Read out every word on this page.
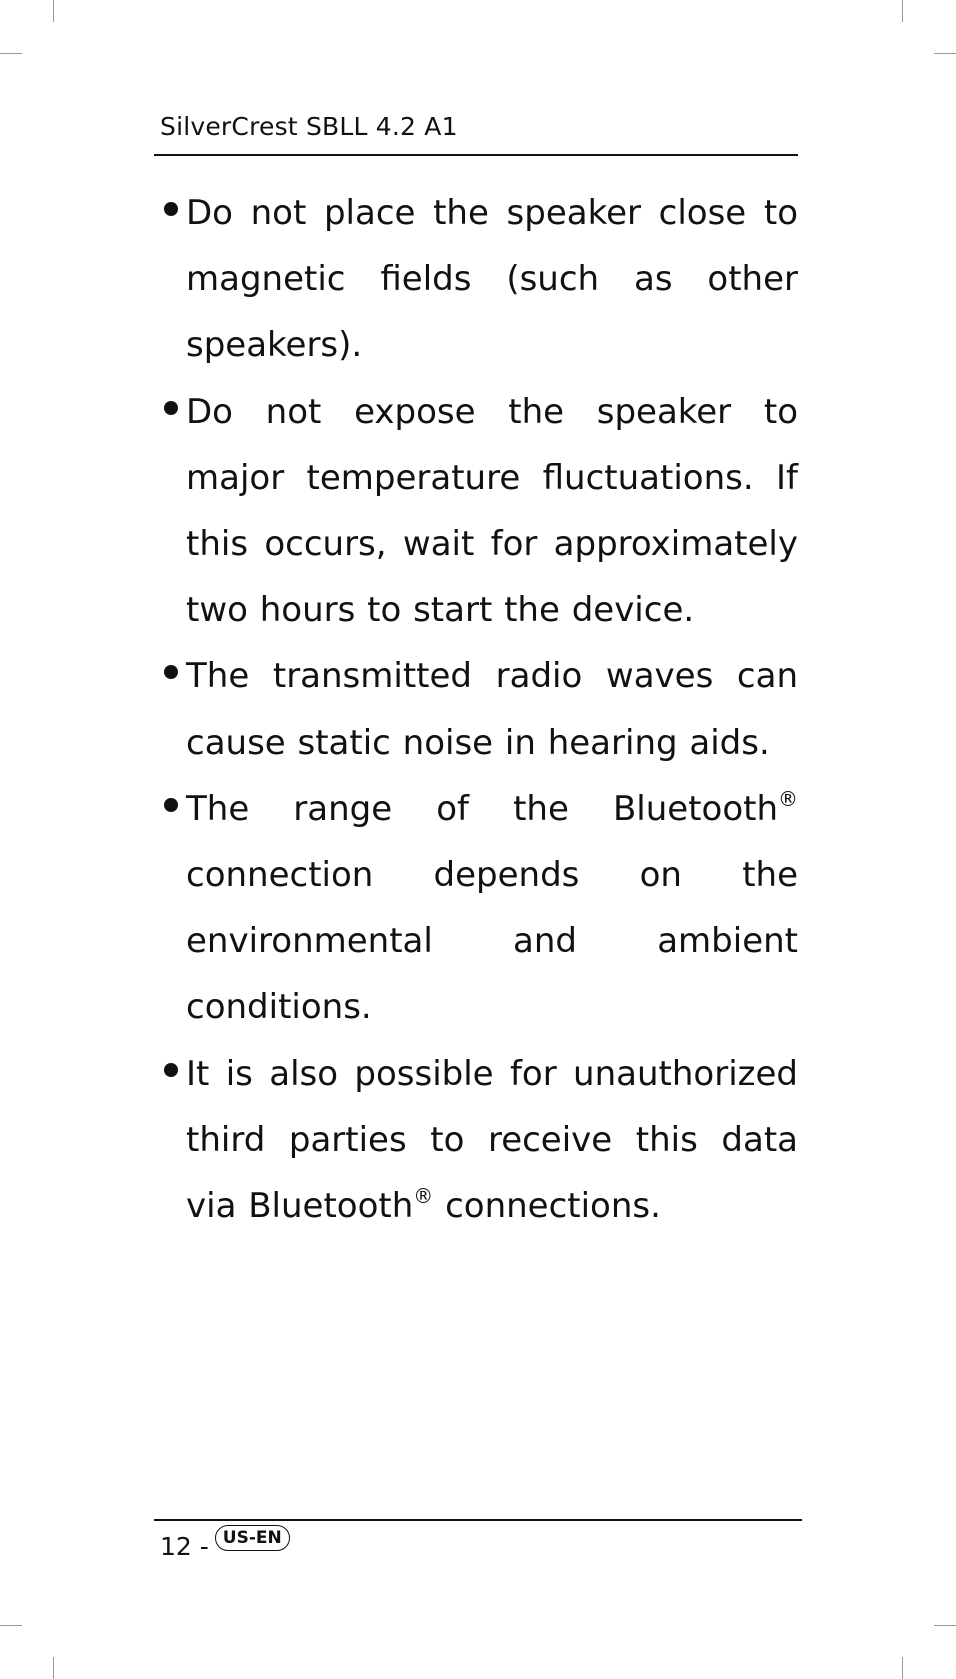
SilverCrest SBLL 4.2 A1
Do not place the speaker close to magnetic fields (such as other speakers).
Do not expose the speaker to major temperature fluctuations. If this occurs, wait for approximately two hours to start the device.
The transmitted radio waves can cause static noise in hearing aids.
The range of the Bluetooth® connection depends on the environmental and ambient conditions.
It is also possible for unauthorized third parties to receive this data via Bluetooth® connections.
12 - US-EN
